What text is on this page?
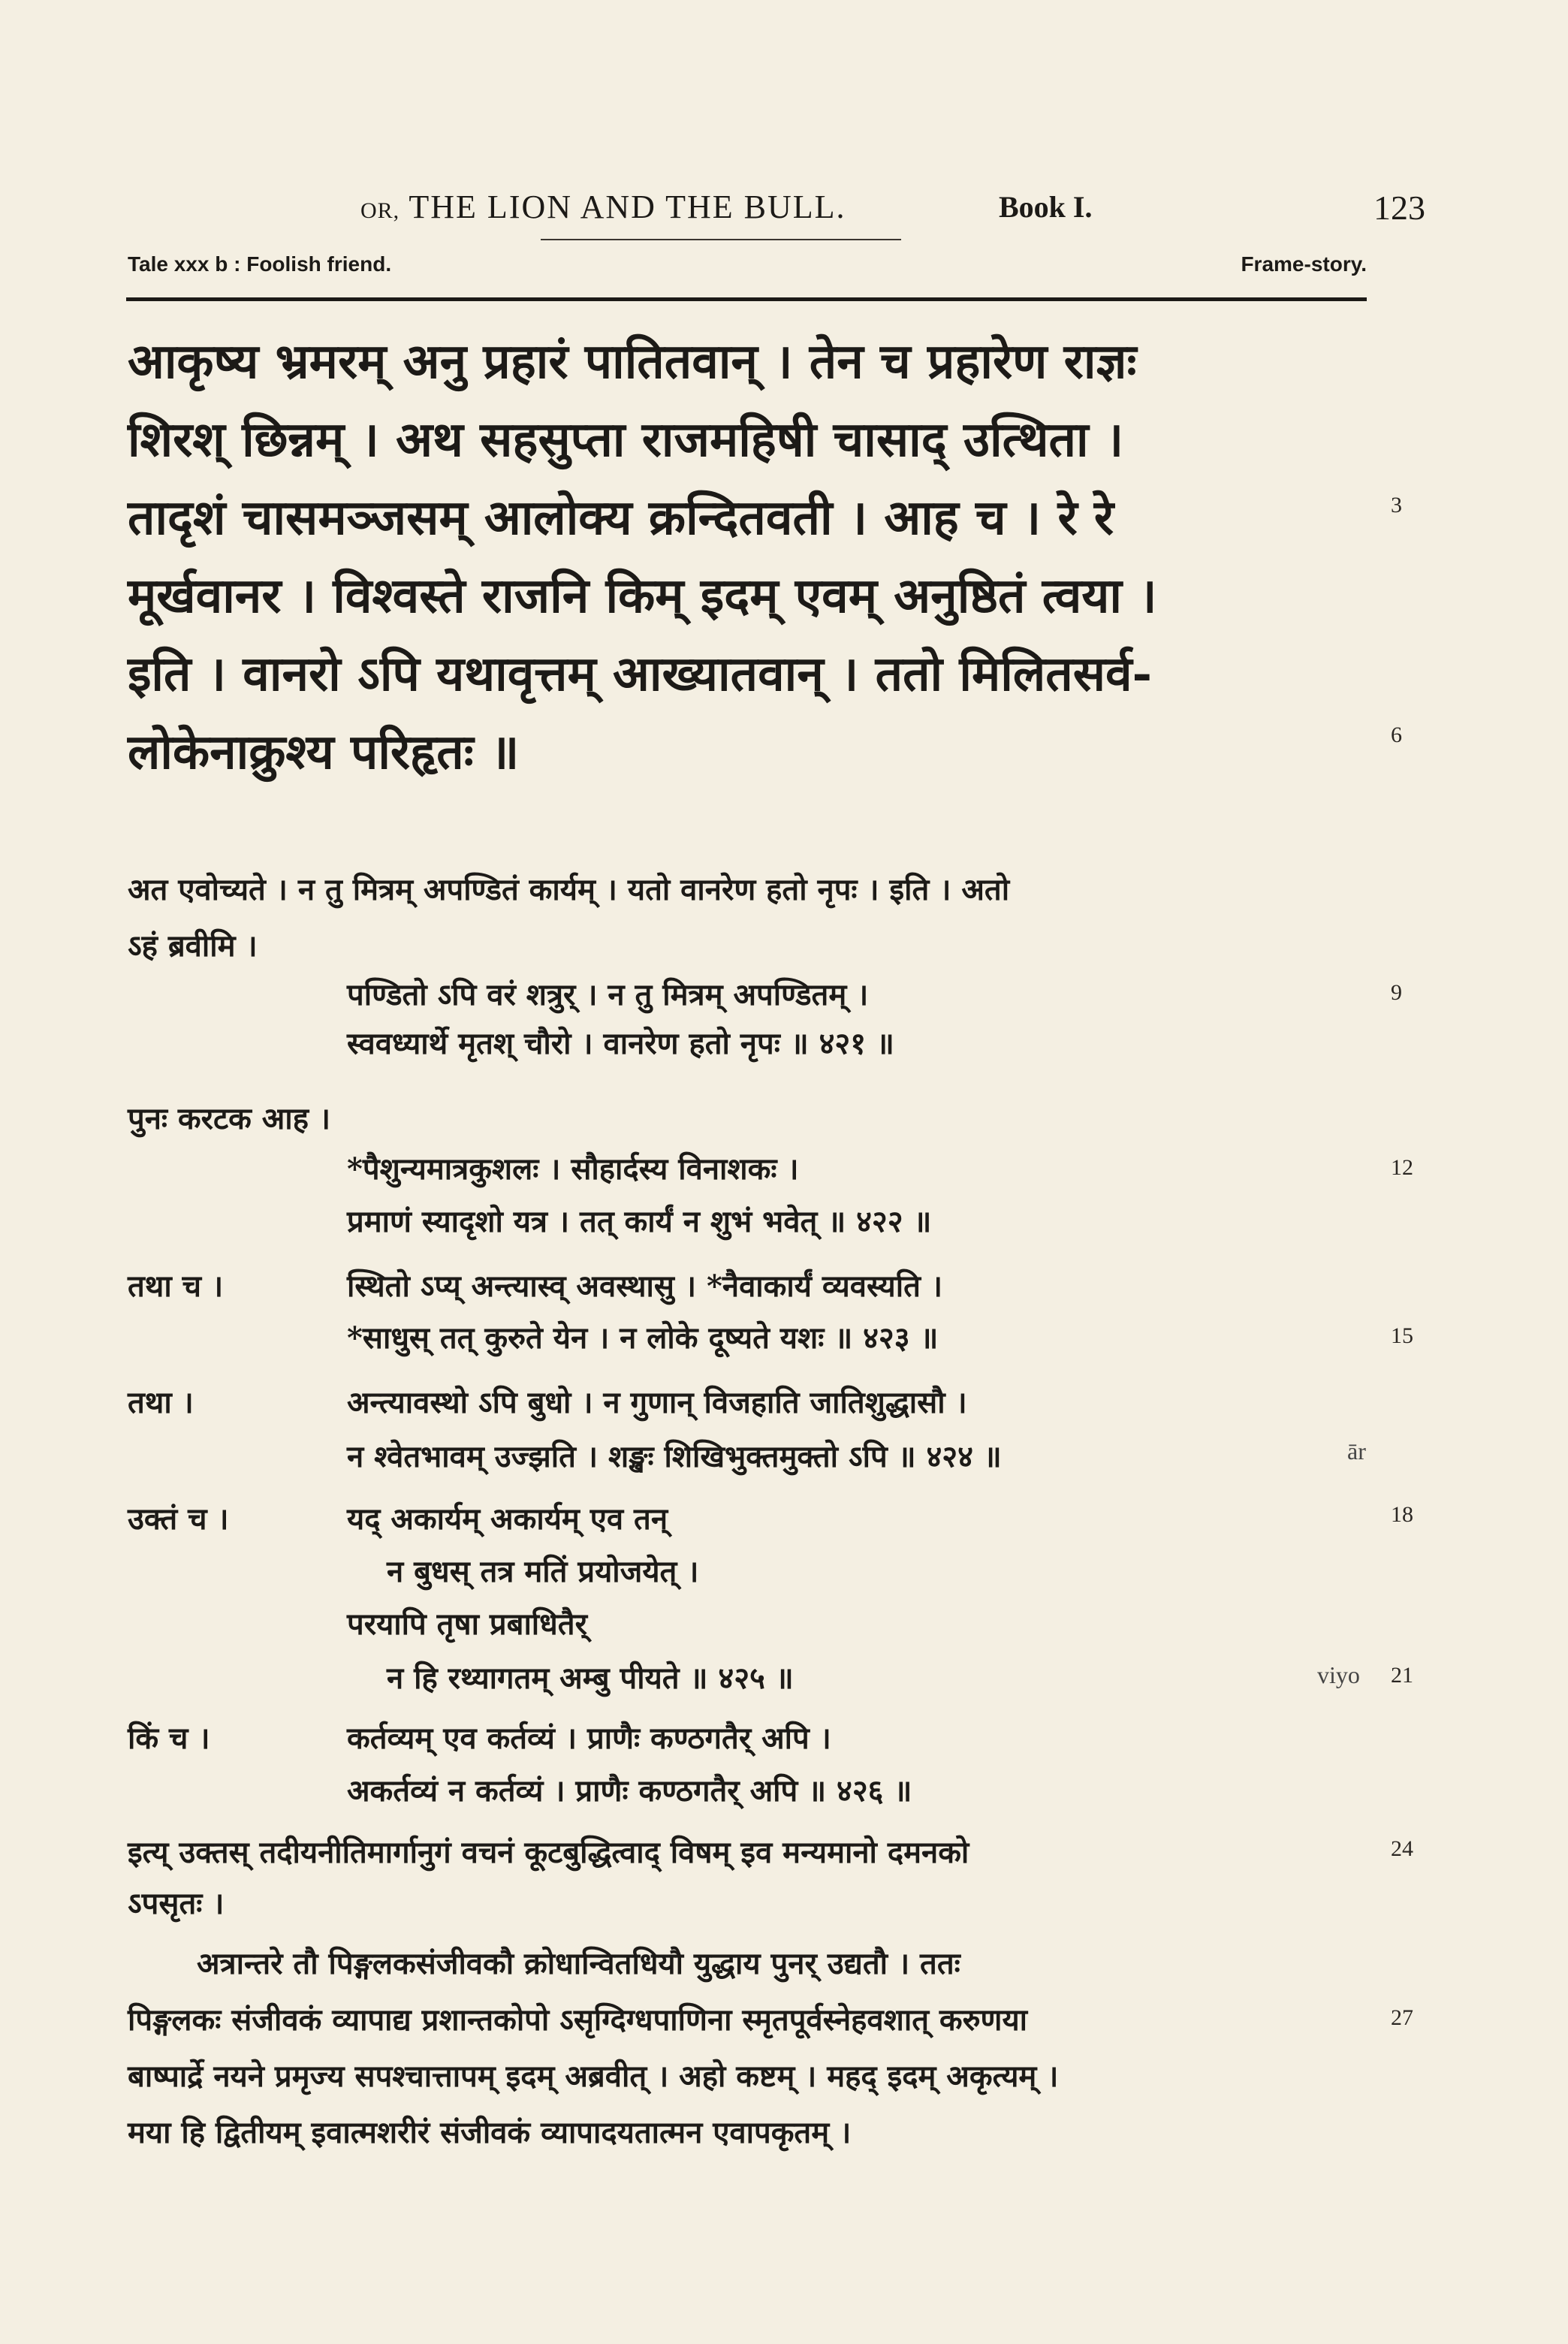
OR, THE LION AND THE BULL.	Book I.	123
Tale xxx b : Foolish friend.	Frame-story.
आकृष्य भ्रमरम् अनु प्रहारं पातितवान् । तेन च प्रहारेण राज्ञः
शिरश् छिन्नम् । अथ सहसुप्ता राजमहिषी चासाद् उत्थिता ।
तादृशं चासमञ्जसम् आलोक्य क्रन्दितवती । आह च । रे रे
मूर्खवानर । विश्वस्ते राजनि किम् इदम् एवम् अनुष्ठितं त्वया ।
इति । वानरो ऽपि यथावृत्तम् आख्यातवान् । ततो मिलितसर्व-
लोकेनाक्रुश्य परिहृतः ॥
3
6
अत एवोच्यते । न तु मित्रम् अपण्डितं कार्यम् । यतो वानरेण हतो नृपः । इति । अतो
ऽहं ब्रवीमि ।
पण्डितो ऽपि वरं शत्रुर् । न तु मित्रम् अपण्डितम् ।
स्ववध्यार्थे मृतश् चौरो । वानरेण हतो नृपः ॥ ४२१ ॥
पुनः करटक आह ।
*पैशुन्यमात्रकुशलः । सौहार्दस्य विनाशकः ।
प्रमाणं स्यादृशो यत्र । तत् कार्यं न शुभं भवेत् ॥ ४२२ ॥
तथा च ।	स्थितो ऽप्य् अन्त्यास्व् अवस्थासु । *नैवाकार्यं व्यवस्यति ।
*साधुस् तत् कुरुते येन । न लोके दूष्यते यशः ॥ ४२३ ॥
तथा ।	अन्त्यावस्थो ऽपि बुधो । न गुणान् विजहाति जातिशुद्धासौ ।
न श्वेतभावम् उज्झति । शङ्खः शिखिभुक्तमुक्तो ऽपि ॥ ४२४ ॥	ār
उक्तं च ।	यद् अकार्यम् अकार्यम् एव तन्
न बुधस् तत्र मतिं प्रयोजयेत् ।
परयापि तृषा प्रबाधितैर्
न हि रथ्यागतम् अम्बु पीयते ॥ ४२५ ॥	viyo
किं च ।	कर्तव्यम् एव कर्तव्यं । प्राणैः कण्ठगतैर् अपि ।
अकर्तव्यं न कर्तव्यं । प्राणैः कण्ठगतैर् अपि ॥ ४२६ ॥
इत्य् उक्तस् तदीयनीतिमार्गानुगं वचनं कूटबुद्धित्वाद् विषम् इव मन्यमानो दमनको
ऽपसृतः ।
अत्रान्तरे तौ पिङ्गलकसंजीवकौ क्रोधान्वितधियौ युद्धाय पुनर् उद्यतौ । ततः
पिङ्गलकः संजीवकं व्यापाद्य प्रशान्तकोपो ऽसृग्दिग्धपाणिना स्मृतपूर्वस्नेहवशात् करुणया
बाष्पार्द्रे नयने प्रमृज्य सपश्चात्तापम् इदम् अब्रवीत् । अहो कष्टम् । महद् इदम् अकृत्यम् ।
मया हि द्वितीयम् इवात्मशरीरं संजीवकं व्यापादयतात्मन एवापकृतम् ।
9
12
15
18
21
24
27
